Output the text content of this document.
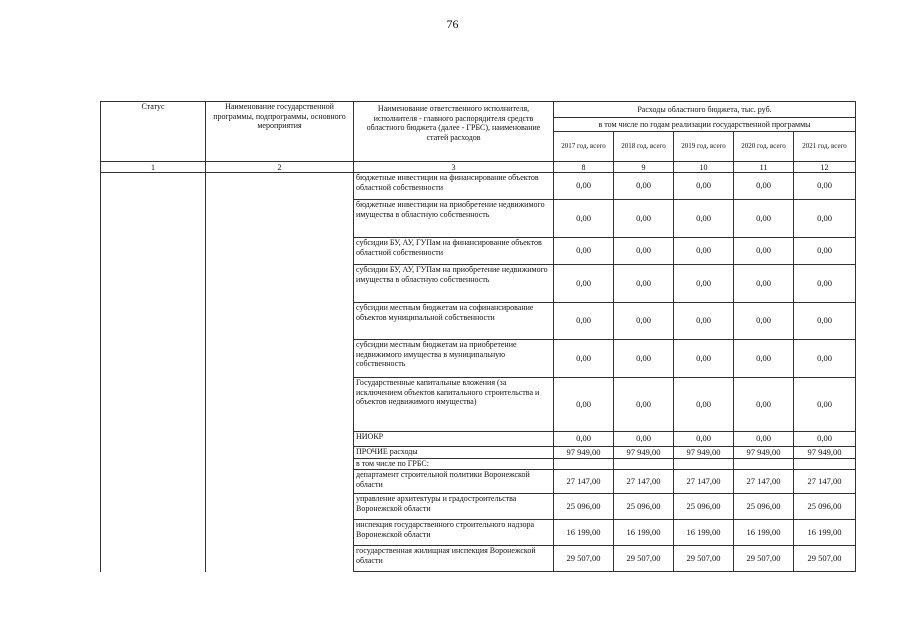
76
Статус	Наименование государственной программы, подпрограммы, основного мероприятия	Наименование ответственного исполнителя, исполнителя - главного распорядителя средств областного бюджета (далее - ГРБС), наименование статей расходов	Расходы областного бюджета, тыс. руб.				
			в том числе по годам реализации государственной программы				
			2017 год, всего	2018 год, всего	2019 год, всего	2020 год, всего	2021 год, всего
1	2	3	8	9	10	11	12
		бюджетные инвестиции на финансирование объектов областной собственности	0,00	0,00	0,00	0,00	0,00
		бюджетные инвестиции на приобретение недвижимого имущества в областную собственность	0,00	0,00	0,00	0,00	0,00
		субсидии БУ, АУ, ГУПам на финансирование объектов областной собственности	0,00	0,00	0,00	0,00	0,00
		субсидии БУ, АУ, ГУПам на приобретение недвижимого имущества в областную собственность	0,00	0,00	0,00	0,00	0,00
		субсидии местным бюджетам на софинансирование объектов муниципальной собственности	0,00	0,00	0,00	0,00	0,00
		субсидии местным бюджетам на приобретение недвижимого имущества в муниципальную собственность	0,00	0,00	0,00	0,00	0,00
		Государственные капитальные вложения (за исключением объектов капитального строительства и объектов недвижимого имущества)	0,00	0,00	0,00	0,00	0,00
		НИОКР	0,00	0,00	0,00	0,00	0,00
		ПРОЧИЕ расходы	97 949,00	97 949,00	97 949,00	97 949,00	97 949,00
		в том числе по ГРБС:					
		департамент строительной политики Воронежской области	27 147,00	27 147,00	27 147,00	27 147,00	27 147,00
		управление архитектуры и градостроительства Воронежской области	25 096,00	25 096,00	25 096,00	25 096,00	25 096,00
		инспекция государственного строительного надзора Воронежской области	16 199,00	16 199,00	16 199,00	16 199,00	16 199,00
		государственная жилищная инспекция Воронежской области	29 507,00	29 507,00	29 507,00	29 507,00	29 507,00
